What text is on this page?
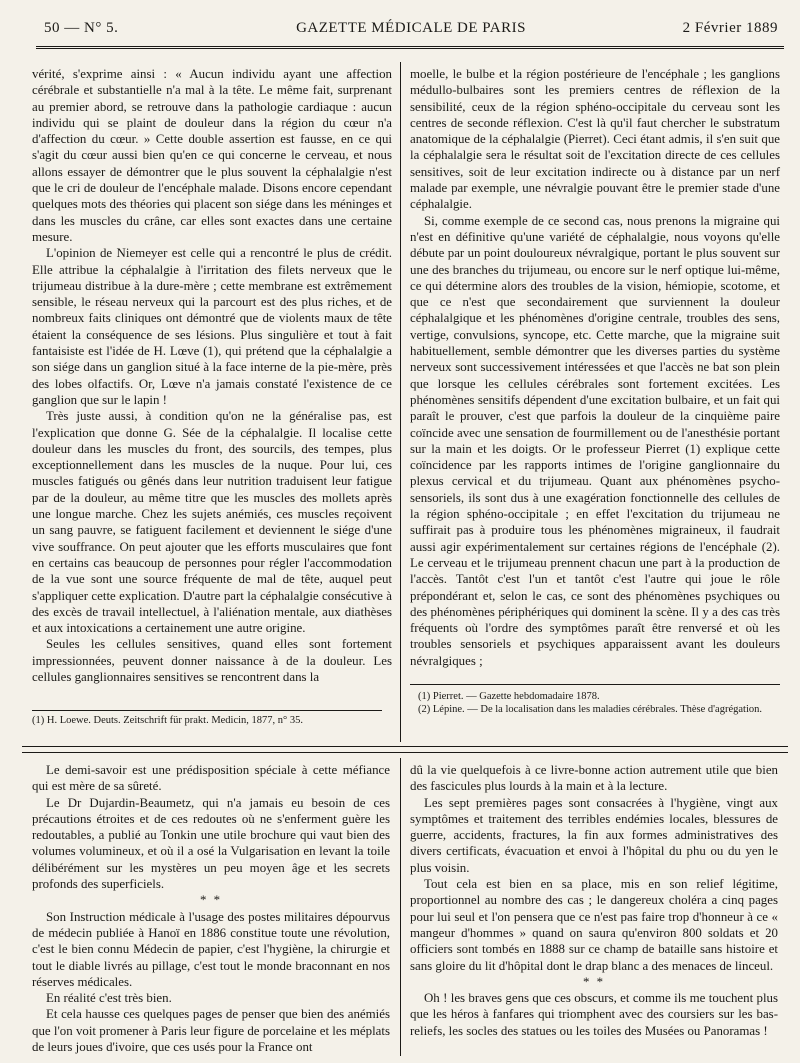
50 — N° 5.	GAZETTE MÉDICALE DE PARIS	2 Février 1889

vérité, s'exprime ainsi : « Aucun individu ayant une affection cérébrale et substantielle n'a mal à la tête. Le même fait, surprenant au premier abord, se retrouve dans la pathologie cardiaque : aucun individu qui se plaint de douleur dans la région du cœur n'a d'affection du cœur. » Cette double assertion est fausse, en ce qui s'agit du cœur aussi bien qu'en ce qui concerne le cerveau, et nous allons essayer de démontrer que le plus souvent la céphalalgie n'est que le cri de douleur de l'encéphale malade. Disons encore cependant quelques mots des théories qui placent son siége dans les méninges et dans les muscles du crâne, car elles sont exactes dans une certaine mesure.

L'opinion de Niemeyer est celle qui a rencontré le plus de crédit. Elle attribue la céphalalgie à l'irritation des filets nerveux que le trijumeau distribue à la dure-mère ; cette membrane est extrêmement sensible, le réseau nerveux qui la parcourt est des plus riches, et de nombreux faits cliniques ont démontré que de violents maux de tête étaient la conséquence de ses lésions. Plus singulière et tout à fait fantaisiste est l'idée de H. Lœve (1), qui prétend que la céphalalgie a son siége dans un ganglion situé à la face interne de la pie-mère, près des lobes olfactifs. Or, Lœve n'a jamais constaté l'existence de ce ganglion que sur le lapin !

Très juste aussi, à condition qu'on ne la généralise pas, est l'explication que donne G. Sée de la céphalalgie. Il localise cette douleur dans les muscles du front, des sourcils, des tempes, plus exceptionnellement dans les muscles de la nuque. Pour lui, ces muscles fatigués ou gênés dans leur nutrition traduisent leur fatigue par de la douleur, au même titre que les muscles des mollets après une longue marche. Chez les sujets anémiés, ces muscles reçoivent un sang pauvre, se fatiguent facilement et deviennent le siége d'une vive souffrance. On peut ajouter que les efforts musculaires que font en certains cas beaucoup de personnes pour régler l'accommodation de la vue sont une source fréquente de mal de tête, auquel peut s'appliquer cette explication. D'autre part la céphalalgie consécutive à des excès de travail intellectuel, à l'aliénation mentale, aux diathèses et aux intoxications a certainement une autre origine.

Seules les cellules sensitives, quand elles sont fortement impressionnées, peuvent donner naissance à de la douleur. Les cellules ganglionnaires sensitives se rencontrent dans la

moelle, le bulbe et la région postérieure de l'encéphale ; les ganglions médullo-bulbaires sont les premiers centres de réflexion de la sensibilité, ceux de la région sphéno-occipitale du cerveau sont les centres de seconde réflexion. C'est là qu'il faut chercher le substratum anatomique de la céphalalgie (Pierret). Ceci étant admis, il s'en suit que la céphalalgie sera le résultat soit de l'excitation directe de ces cellules sensitives, soit de leur excitation indirecte ou à distance par un nerf malade par exemple, une névralgie pouvant être le premier stade d'une céphalalgie.

Si, comme exemple de ce second cas, nous prenons la migraine qui n'est en définitive qu'une variété de céphalalgie, nous voyons qu'elle débute par un point douloureux névralgique, portant le plus souvent sur une des branches du trijumeau, ou encore sur le nerf optique lui-même, ce qui détermine alors des troubles de la vision, hémiopie, scotome, et que ce n'est que secondairement que surviennent la douleur céphalalgique et les phénomènes d'origine centrale, troubles des sens, vertige, convulsions, syncope, etc. Cette marche, que la migraine suit habituellement, semble démontrer que les diverses parties du système nerveux sont successivement intéressées et que l'accès ne bat son plein que lorsque les cellules cérébrales sont fortement excitées. Les phénomènes sensitifs dépendent d'une excitation bulbaire, et un fait qui paraît le prouver, c'est que parfois la douleur de la cinquième paire coïncide avec une sensation de fourmillement ou de l'anesthésie portant sur la main et les doigts. Or le professeur Pierret (1) explique cette coïncidence par les rapports intimes de l'origine ganglionnaire du plexus cervical et du trijumeau. Quant aux phénomènes psycho-sensoriels, ils sont dus à une exagération fonctionnelle des cellules de la région sphéno-occipitale ; en effet l'excitation du trijumeau ne suffirait pas à produire tous les phénomènes migraineux, il faudrait aussi agir expérimentalement sur certaines régions de l'encéphale (2). Le cerveau et le trijumeau prennent chacun une part à la production de l'accès. Tantôt c'est l'un et tantôt c'est l'autre qui joue le rôle prépondérant et, selon le cas, ce sont des phénomènes psychiques ou des phénomènes périphériques qui dominent la scène. Il y a des cas très fréquents où l'ordre des symptômes paraît être renversé et où les troubles sensoriels et psychiques apparaissent avant les douleurs névralgiques ;

(1) H. Loewe. Deuts. Zeitschrift für prakt. Medicin, 1877, n° 35.

(1) Pierret. — Gazette hebdomadaire 1878.

(2) Lépine. — De la localisation dans les maladies cérébrales. Thèse d'agrégation.

Le demi-savoir est une prédisposition spéciale à cette méfiance qui est mère de sa sûreté.

Le Dr Dujardin-Beaumetz, qui n'a jamais eu besoin de ces précautions étroites et de ces redoutes où ne s'enferment guère les redoutables, a publié au Tonkin une utile brochure qui vaut bien des volumes volumineux, et où il a osé la Vulgarisation en levant la toile délibérément sur les mystères un peu moyen âge et les secrets profonds des superficiels.

* *

Son Instruction médicale à l'usage des postes militaires dépourvus de médecin publiée à Hanoï en 1886 constitue toute une révolution, c'est le bien connu Médecin de papier, c'est l'hygiène, la chirurgie et tout le diable livrés au pillage, c'est tout le monde braconnant en nos réserves médicales.

En réalité c'est très bien.

Et cela hausse ces quelques pages de penser que bien des anémiés que l'on voit promener à Paris leur figure de porcelaine et les méplats de leurs joues d'ivoire, que ces usés pour la France ont

dû la vie quelquefois à ce livre-bonne action autrement utile que bien des fascicules plus lourds à la main et à la lecture.

Les sept premières pages sont consacrées à l'hygiène, vingt aux symptômes et traitement des terribles endémies locales, blessures de guerre, accidents, fractures, la fin aux formes administratives des divers certificats, évacuation et envoi à l'hôpital du phu ou du yen le plus voisin.

Tout cela est bien en sa place, mis en son relief légitime, proportionnel au nombre des cas ; le dangereux choléra a cinq pages pour lui seul et l'on pensera que ce n'est pas faire trop d'honneur à ce « mangeur d'hommes » quand on saura qu'environ 800 soldats et 20 officiers sont tombés en 1888 sur ce champ de bataille sans histoire et sans gloire du lit d'hôpital dont le drap blanc a des menaces de linceul.

* *

Oh ! les braves gens que ces obscurs, et comme ils me touchent plus que les héros à fanfares qui triomphent avec des coursiers sur les bas-reliefs, les socles des statues ou les toiles des Musées ou Panoramas !
